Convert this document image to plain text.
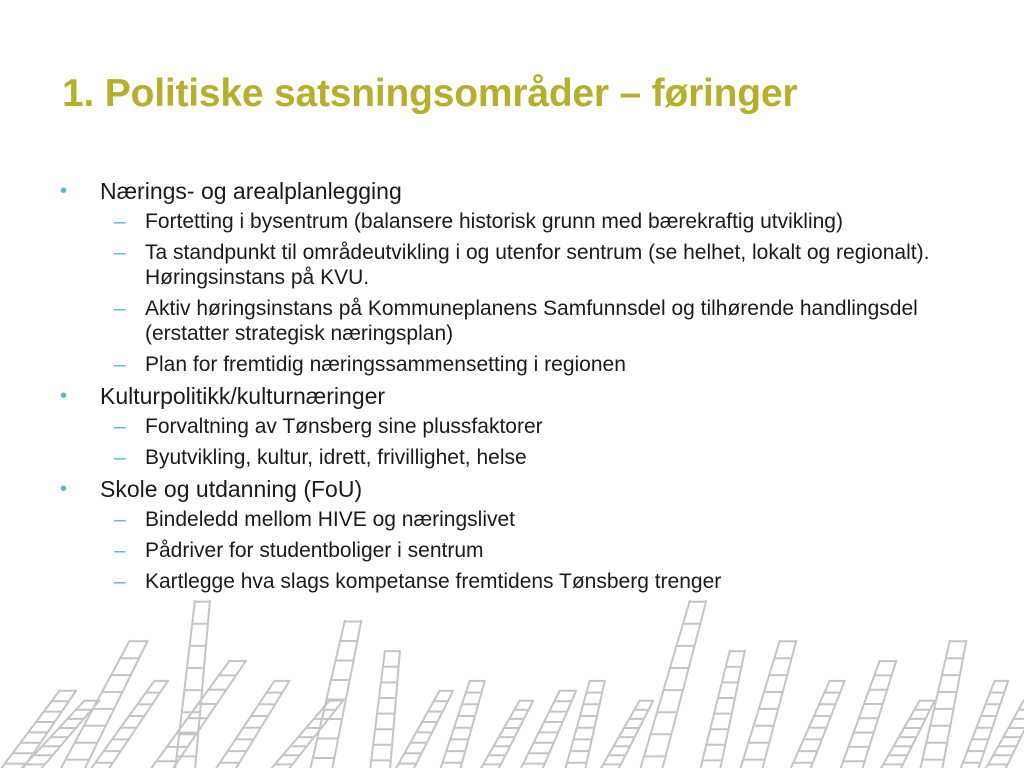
1. Politiske satsningsområder – føringer
• Nærings- og arealplanlegging
– Fortetting i bysentrum (balansere historisk grunn med bærekraftig utvikling)
– Ta standpunkt til områdeutvikling i og utenfor sentrum (se helhet, lokalt og regionalt). Høringsinstans på KVU.
– Aktiv høringsinstans på Kommuneplanens Samfunnsdel og tilhørende handlingsdel (erstatter strategisk næringsplan)
– Plan for fremtidig næringssammensetting i regionen
• Kulturpolitikk/kulturnæringer
– Forvaltning av Tønsberg sine plussfaktorer
– Byutvikling, kultur, idrett, frivillighet, helse
• Skole og utdanning (FoU)
– Bindeledd mellom HIVE og næringslivet
– Pådriver for studentboliger i sentrum
– Kartlegge hva slags kompetanse fremtidens Tønsberg trenger
